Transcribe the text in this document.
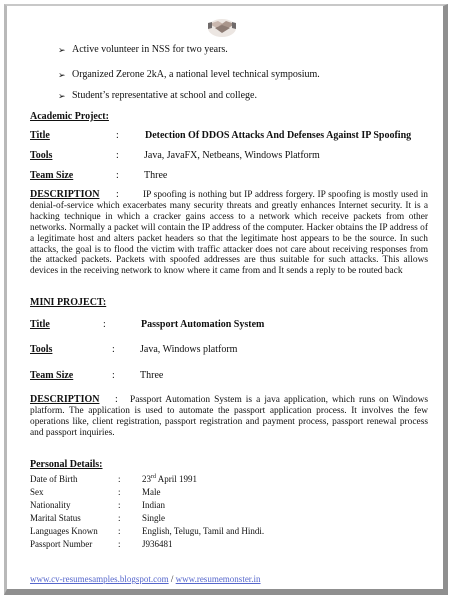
➢ Active volunteer in NSS for two years.
➢ Organized Zerone 2kA, a national level technical symposium.
➢ Student’s representative at school and college.
Academic Project:
Title	:	Detection Of DDOS Attacks And Defenses Against IP Spoofing
Tools	:	Java, JavaFX, Netbeans, Windows Platform
Team Size	:	Three
DESCRIPTION :	IP spoofing is nothing but IP address forgery. IP spoofing is mostly used in denial-of-service which exacerbates many security threats and greatly enhances Internet security. It is a hacking technique in which a cracker gains access to a network which receive packets from other networks. Normally a packet will contain the IP address of the computer. Hacker obtains the IP address of a legitimate host and alters packet headers so that the legitimate host appears to be the source. In such attacks, the goal is to flood the victim with traffic attacker does not care about receiving responses from the attacked packets. Packets with spoofed addresses are thus suitable for such attacks. This allows devices in the receiving network to know where it came from and It sends a reply to be routed back
MINI PROJECT:
Title	:	Passport Automation System
Tools	:	Java, Windows platform
Team Size	:	Three
DESCRIPTION :	Passport Automation System is a java application, which runs on Windows platform. The application is used to automate the passport application process. It involves the few operations like, client registration, passport registration and payment process, passport renewal process and passport inquiries.
Personal Details:
Date of Birth	: 23rd April 1991
Sex	: Male
Nationality	: Indian
Marital Status	: Single
Languages Known : English, Telugu, Tamil and Hindi.
Passport Number	: J936481
www.cv-resumesamples.blogspot.com / www.resumemonster.in
